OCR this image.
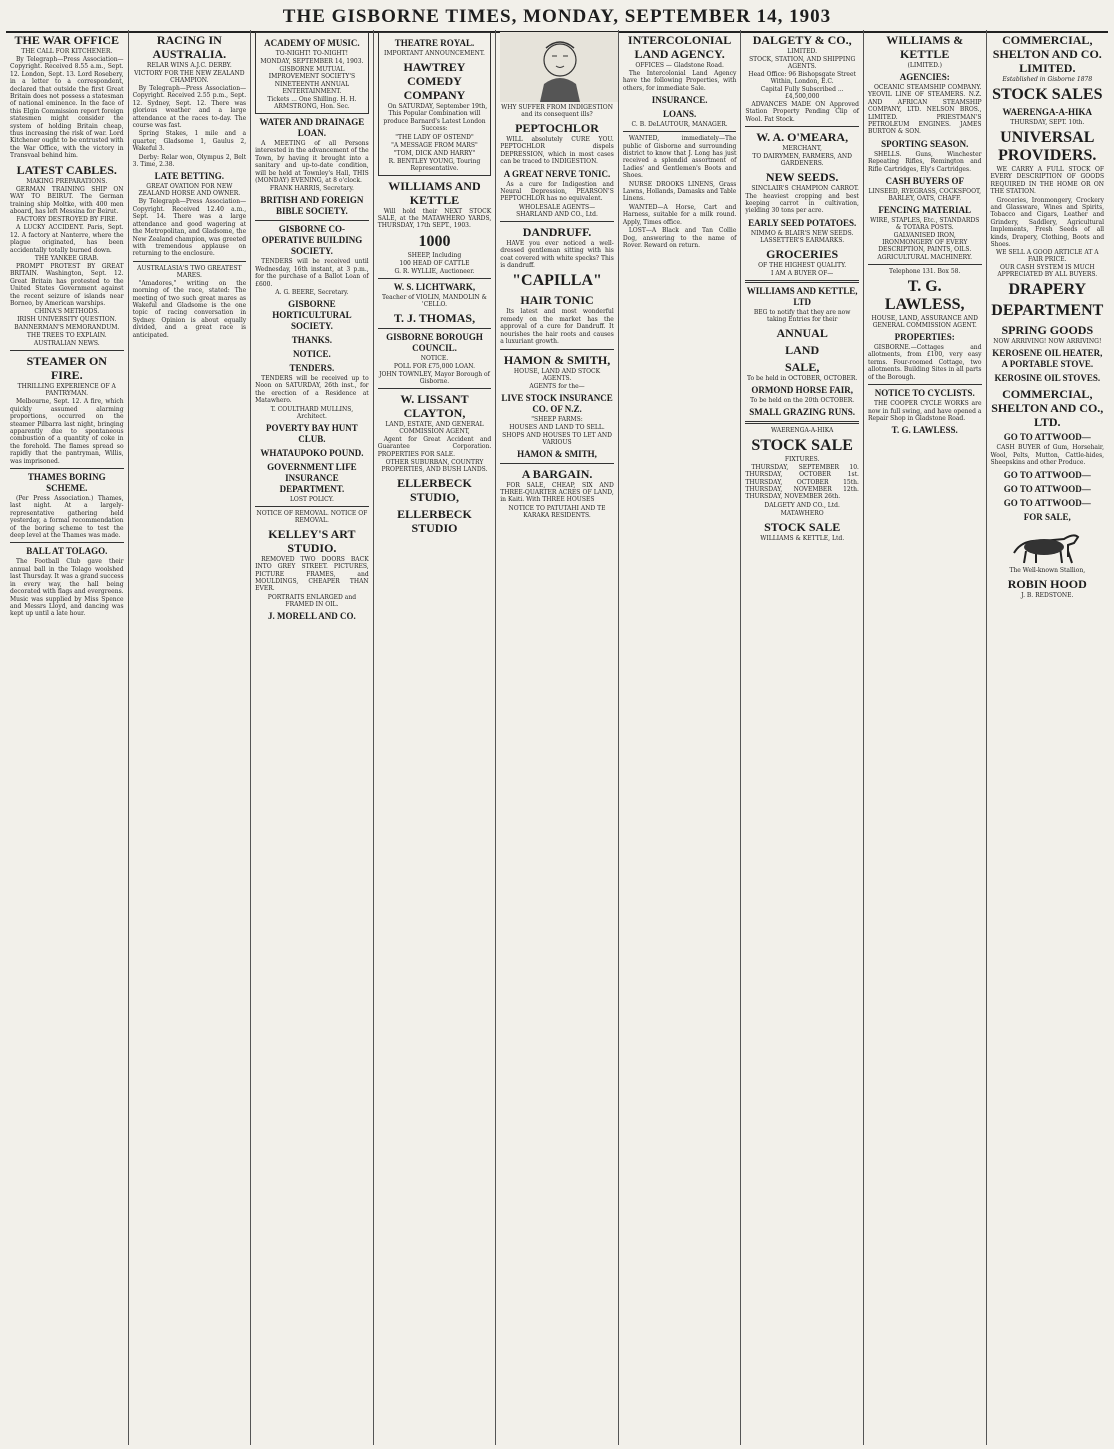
THE GISBORNE TIMES, MONDAY, SEPTEMBER 14, 1903
THE WAR OFFICE
THE CALL FOR KITCHENER.

By Telegraph—Press Association—Copyright. Received 8.55 a.m., Sept. 12. London, Sept. 13. Lord Rosebery, in a letter to a correspondent, declared that outside the first Great Britain does not possess a statesman of national eminence. In the face of this Elgin Commission report foreign statesmen might consider the system of holding Britain cheap, thus increasing the risk of war. Lord Kitchener ought to be entrusted with the War Office, with the victory in Transvaal behind him.

LATEST CABLES.
MAKING PREPARATIONS.

GERMAN TRAINING SHIP ON WAY TO BEIRUT. The German training ship Moltke, with 400 men aboard, has left Messina for Beirut.

FACTORY DESTROYED BY FIRE.

A LUCKY ACCIDENT. Paris, Sept. 12. A factory at Nanterre, where the plague originated, has been accidentally totally burned down.

THE YANKEE GRAB.

PROMPT PROTEST BY GREAT BRITAIN. Washington, Sept. 12. Great Britain has protested to the United States Government against the recent seizure of islands near Borneo, by American warships.

CHINA'S METHODS.
IRISH UNIVERSITY QUESTION.
BANNERMAN'S MEMORANDUM.
THE TREES TO EXPLAIN.
AUSTRALIAN NEWS.
STEAMER ON FIRE.
THRILLING EXPERIENCE OF A PANTRYMAN.

Melbourne, Sept. 12. A fire, which quickly assumed alarming proportions, occurred on the steamer Pilbarra last night, bringing apparently due to spontaneous combustion of a quantity of coke in the forehold. The flames spread so rapidly that the pantryman, Willis, was imprisoned.

THAMES BORING SCHEME.

(Per Press Association.) Thames, last night. At a largely-representative gathering held yesterday, a formal recommendation of the boring scheme to test the deep level at the Thames was made.

BALL AT TOLAGO.

The Football Club gave their annual ball in the Tolago woolshed last Thursday. It was a grand success in every way, the hall being decorated with flags and evergreens. Music was supplied by Miss Spence and Messrs Lloyd, and dancing was kept up until a late hour.

RACING IN AUSTRALIA.
RELAR WINS A.J.C. DERBY.
VICTORY FOR THE NEW ZEALAND CHAMPION.

By Telegraph—Press Association—Copyright. Received 2.55 p.m., Sept. 12. Sydney, Sept. 12. There was glorious weather and a large attendance at the races to-day. The course was fast.

Spring Stakes, 1 mile and a quarter, Gladsome 1, Gaulus 2, Wakeful 3.

Derby: Relar won, Olympus 2, Belt 3. Time, 2.38.

LATE BETTING.
GREAT OVATION FOR NEW ZEALAND HORSE AND OWNER.

By Telegraph—Press Association—Copyright. Received 12.40 a.m., Sept. 14. There was a large attendance and good wagering at the Metropolitan, and Gladsome, the New Zealand champion, was greeted with tremendous applause on returning to the enclosure.

AUSTRALASIA'S TWO GREATEST MARES.

"Amadores," writing on the morning of the race, stated: The meeting of two such great mares as Wakeful and Gladsome is the one topic of racing conversation in Sydney. Opinion is about equally divided, and a great race is anticipated.

ACADEMY OF MUSIC.
TO-NIGHT! TO-NIGHT!
MONDAY, SEPTEMBER 14, 1903.
GISBORNE MUTUAL IMPROVEMENT SOCIETY'S
NINETEENTH ANNUAL ENTERTAINMENT.
Tickets ... One Shilling. H. H. ARMSTRONG, Hon. Sec.
WATER AND DRAINAGE LOAN.

A MEETING of all Persons interested in the advancement of the Town, by having it brought into a sanitary and up-to-date condition, will be held at Townley's Hall, THIS (MONDAY) EVENING, at 8 o'clock.

FRANK HARRIS, Secretary.
BRITISH AND FOREIGN BIBLE SOCIETY.
GISBORNE CO-OPERATIVE BUILDING SOCIETY.

TENDERS will be received until Wednesday, 16th instant, at 3 p.m., for the purchase of a Ballot Loan of £600.

A. G. BEERE, Secretary.
GISBORNE HORTICULTURAL SOCIETY.
THANKS.
NOTICE.
TENDERS.

TENDERS will be received up to Noon on SATURDAY, 26th inst., for the erection of a Residence at Matawhero.

T. COULTHARD MULLINS, Architect.
POVERTY BAY HUNT CLUB.
WHATAUPOKO POUND.
GOVERNMENT LIFE INSURANCE DEPARTMENT.
LOST POLICY.
NOTICE OF REMOVAL. NOTICE OF REMOVAL.
KELLEY'S ART STUDIO.

REMOVED TWO DOORS BACK INTO GREY STREET. PICTURES, PICTURE FRAMES, and MOULDINGS, CHEAPER THAN EVER.

PORTRAITS ENLARGED and FRAMED IN OIL.
J. MORELL AND CO.
THEATRE ROYAL.
IMPORTANT ANNOUNCEMENT.
HAWTREY COMEDY COMPANY

On SATURDAY, September 19th, This Popular Combination will produce Barnard's Latest London Success:

"THE LADY OF OSTEND"
"A MESSAGE FROM MARS"
"TOM, DICK AND HARRY"
R. BENTLEY YOUNG, Touring Representative.
WILLIAMS AND KETTLE

Will hold their NEXT STOCK SALE, at the MATAWHERO YARDS, THURSDAY, 17th SEPT., 1903.

1000
SHEEP, Including
100 HEAD OF CATTLE
G. R. WYLLIE, Auctioneer.
W. S. LICHTWARK,
Teacher of VIOLIN, MANDOLIN & 'CELLO.
T. J. THOMAS,
GISBORNE BOROUGH COUNCIL.
NOTICE.
POLL FOR £75,000 LOAN.
JOHN TOWNLEY, Mayor Borough of Gisborne.
W. LISSANT CLAYTON,
LAND, ESTATE, AND GENERAL COMMISSION AGENT,

Agent for Great Accident and Guarantee Corporation. PROPERTIES FOR SALE.

OTHER SUBURBAN, COUNTRY PROPERTIES, AND BUSH LANDS.
ELLERBECK STUDIO,
ELLERBECK STUDIO
WHY SUFFER FROM INDIGESTION and its consequent ills?
PEPTOCHLOR

WILL absolutely CURE YOU. PEPTOCHLOR dispels DEPRESSION, which in most cases can be traced to INDIGESTION.

A GREAT NERVE TONIC.

As a cure for Indigestion and Neural Depression, PEARSON'S PEPTOCHLOR has no equivalent.

WHOLESALE AGENTS— SHARLAND AND CO., Ltd.
DANDRUFF.

HAVE you ever noticed a well-dressed gentleman sitting with his coat covered with white specks? This is dandruff.

"CAPILLA"
HAIR TONIC

Its latest and most wonderful remedy on the market has the approval of a cure for Dandruff. It nourishes the hair roots and causes a luxuriant growth.

HAMON & SMITH,
HOUSE, LAND AND STOCK AGENTS.
AGENTS for the—
LIVE STOCK INSURANCE CO. OF N.Z.
"SHEEP FARMS:
HOUSES AND LAND TO SELL.
SHOPS AND HOUSES TO LET AND VARIOUS
HAMON & SMITH,
A BARGAIN.

FOR SALE, CHEAP, SIX AND THREE-QUARTER ACRES OF LAND, in Kaiti. With THREE HOUSES

NOTICE TO PATUTAHI AND TE KARAKA RESIDENTS.
INTERCOLONIAL LAND AGENCY.
OFFICES — Gladstone Road.

The Intercolonial Land Agency have the following Properties, with others, for immediate Sale.

INSURANCE.
LOANS.
C. B. DeLAUTOUR, MANAGER.

WANTED, immediately—The public of Gisborne and surrounding district to know that J. Long has just received a splendid assortment of Ladies' and Gentlemen's Boots and Shoes.

NURSE DROOKS LINENS, Grass Lawns, Hollands, Damasks and Table Linens.

WANTED—A Horse, Cart and Harness, suitable for a milk round. Apply, Times office.

LOST—A Black and Tan Collie Dog, answering to the name of Rover. Reward on return.

DALGETY & CO.,
LIMITED.
STOCK, STATION, AND SHIPPING AGENTS.
Head Office: 96 Bishopsgate Street Within, London, E.C.
Capital Fully Subscribed ... £4,500,000

ADVANCES MADE ON Approved Station Property Pending Clip of Wool. Fat Stock.

W. A. O'MEARA,
MERCHANT,
TO DAIRYMEN, FARMERS, AND GARDENERS.
NEW SEEDS.

SINCLAIR'S CHAMPION CARROT. The heaviest cropping and best keeping carrot in cultivation, yielding 30 tons per acre.

EARLY SEED POTATOES.
NIMMO & BLAIR'S NEW SEEDS. LASSETTER'S EARMARKS.
GROCERIES
OF THE HIGHEST QUALITY.
I AM A BUYER OF—
WILLIAMS AND KETTLE, LTD
BEG to notify that they are now taking Entries for their
ANNUAL
LAND
SALE,
To be held in OCTOBER, OCTOBER.
ORMOND HORSE FAIR,
To be held on the 20th OCTOBER.
SMALL GRAZING RUNS.
WAERENGA-A-HIKA
STOCK SALE
FIXTURES.

THURSDAY, SEPTEMBER 10. THURSDAY, OCTOBER 1st. THURSDAY, OCTOBER 15th. THURSDAY, NOVEMBER 12th. THURSDAY, NOVEMBER 26th.

DALGETY AND CO., Ltd.
MATAWHERO
STOCK SALE
WILLIAMS & KETTLE, Ltd.
WILLIAMS & KETTLE
(LIMITED.)
AGENCIES:

OCEANIC STEAMSHIP COMPANY. YEOVIL LINE OF STEAMERS. N.Z. AND AFRICAN STEAMSHIP COMPANY, LTD. NELSON BROS., LIMITED. PRIESTMAN'S PETROLEUM ENGINES. JAMES BURTON & SON.

SPORTING SEASON.

SHELLS. Guns, Winchester Repeating Rifles, Remington and Rifle Cartridges, Ely's Cartridges.

CASH BUYERS OF
LINSEED, RYEGRASS, COCKSFOOT, BARLEY, OATS, CHAFF.
FENCING MATERIAL
WIRE, STAPLES, Etc., STANDARDS & TOTARA POSTS.
GALVANISED IRON, IRONMONGERY OF EVERY DESCRIPTION, PAINTS, OILS.
AGRICULTURAL MACHINERY.
Telephone 131. Box 58.
T. G. LAWLESS,
HOUSE, LAND, ASSURANCE AND GENERAL COMMISSION AGENT.
PROPERTIES:

GISBORNE.—Cottages and allotments, from £100, very easy terms. Four-roomed Cottage, two allotments. Building Sites in all parts of the Borough.

NOTICE TO CYCLISTS.

THE COOPER CYCLE WORKS are now in full swing, and have opened a Repair Shop in Gladstone Road.

T. G. LAWLESS.
COMMERCIAL, SHELTON AND CO. LIMITED.
Established in Gisborne 1878
STOCK SALES
WAERENGA-A-HIKA
THURSDAY, SEPT. 10th.
UNIVERSAL PROVIDERS.

WE CARRY A FULL STOCK OF EVERY DESCRIPTION OF GOODS REQUIRED IN THE HOME OR ON THE STATION.

Groceries, Ironmongery, Crockery and Glassware, Wines and Spirits, Tobacco and Cigars, Leather and Grindery, Saddlery, Agricultural Implements, Fresh Seeds of all kinds, Drapery, Clothing, Boots and Shoes.

WE SELL A GOOD ARTICLE AT A FAIR PRICE.
OUR CASH SYSTEM IS MUCH APPRECIATED BY ALL BUYERS.
DRAPERY
DEPARTMENT
SPRING GOODS
NOW ARRIVING! NOW ARRIVING!
KEROSENE OIL HEATER, A PORTABLE STOVE.
KEROSINE OIL STOVES.
COMMERCIAL, SHELTON AND CO., LTD.
GO TO ATTWOOD—

CASH BUYER of Gum, Horsehair, Wool, Pelts, Mutton, Cattle-hides, Sheepskins and other Produce.

GO TO ATTWOOD—
GO TO ATTWOOD—
GO TO ATTWOOD—
FOR SALE,
The Well-known Stallion,
ROBIN HOOD
J. B. REDSTONE.
